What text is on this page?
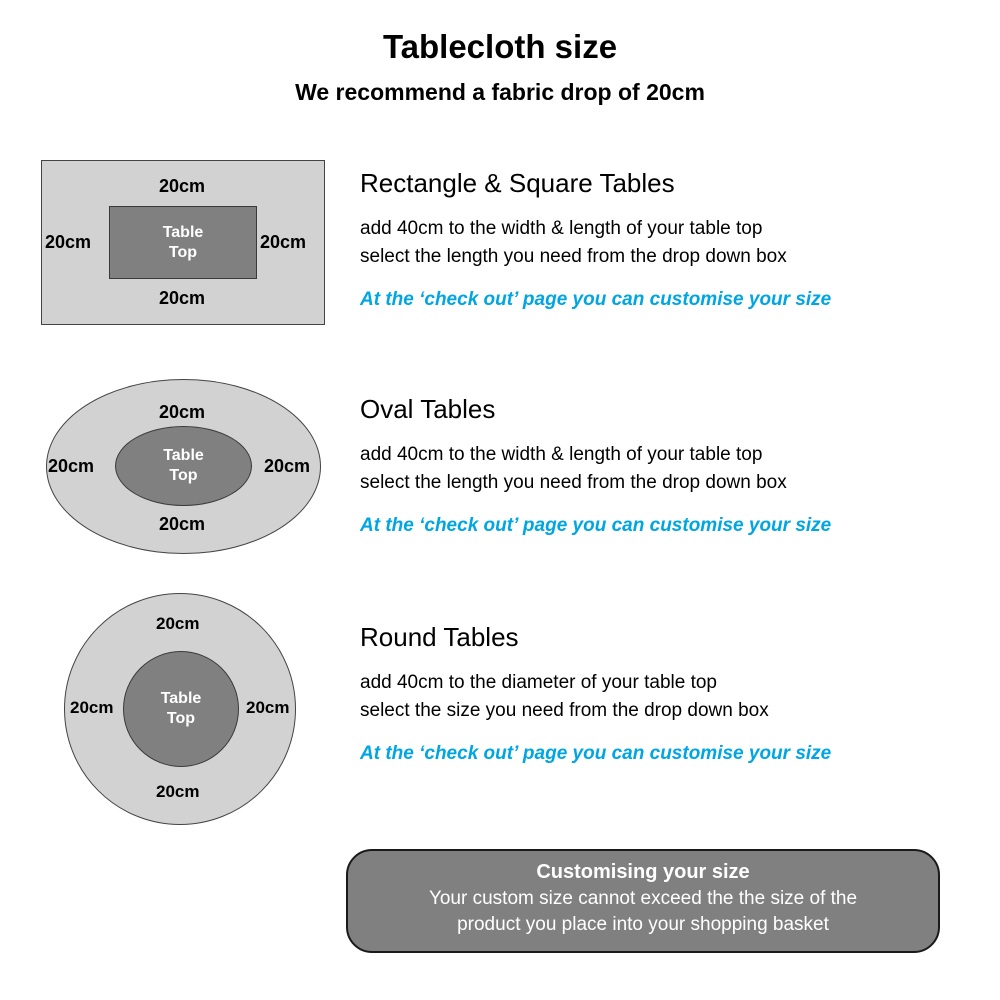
Tablecloth size
We recommend a fabric drop of 20cm
Table
Top
20cm
20cm
20cm	20cm
Rectangle & Square Tables

add 40cm to the width & length of your table top

select the length you need from the drop down box

At the ‘check out’ page you can customise your size

Table
Top
20cm
20cm
20cm	20cm
Oval Tables

add 40cm to the width & length of your table top

select the length you need from the drop down box

At the ‘check out’ page you can customise your size

Table
Top
20cm
20cm
20cm	20cm
Round Tables

add 40cm to the diameter of your table top

select the size you need from the drop down box

At the ‘check out’ page you can customise your size

Customising your size

Your custom size cannot exceed the the size of the

product you place into your shopping basket
